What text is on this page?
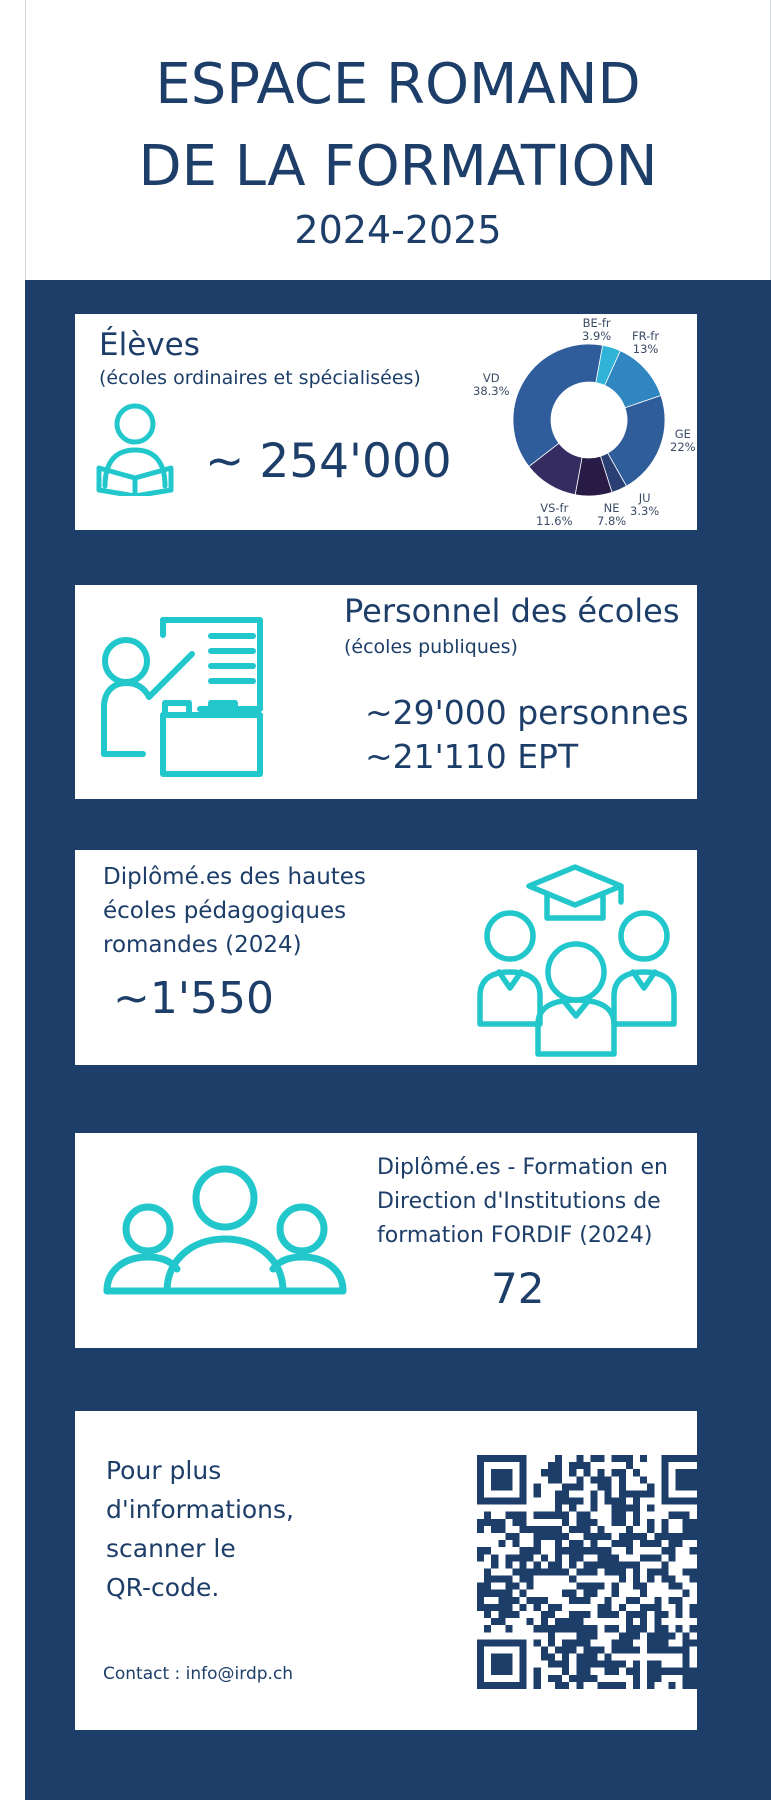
ESPACE ROMAND
DE LA FORMATION
2024-2025
Élèves
(écoles ordinaires et spécialisées)
~ 254'000
BE-fr
3.9% FR-fr
13%
GE
22%
JU
3.3%
NE
7.8%
VS-fr
11.6%
VD
38.3%
Personnel des écoles
(écoles publiques)
~29'000 personnes
~21'110 EPT
Diplômé.es des hautes
écoles pédagogiques
romandes (2024)
~1'550
Diplômé.es - Formation en
Direction d'Institutions de
formation FORDIF (2024)
72
Pour plus
d'informations,
scanner le
QR-code.
Contact : info@irdp.ch
